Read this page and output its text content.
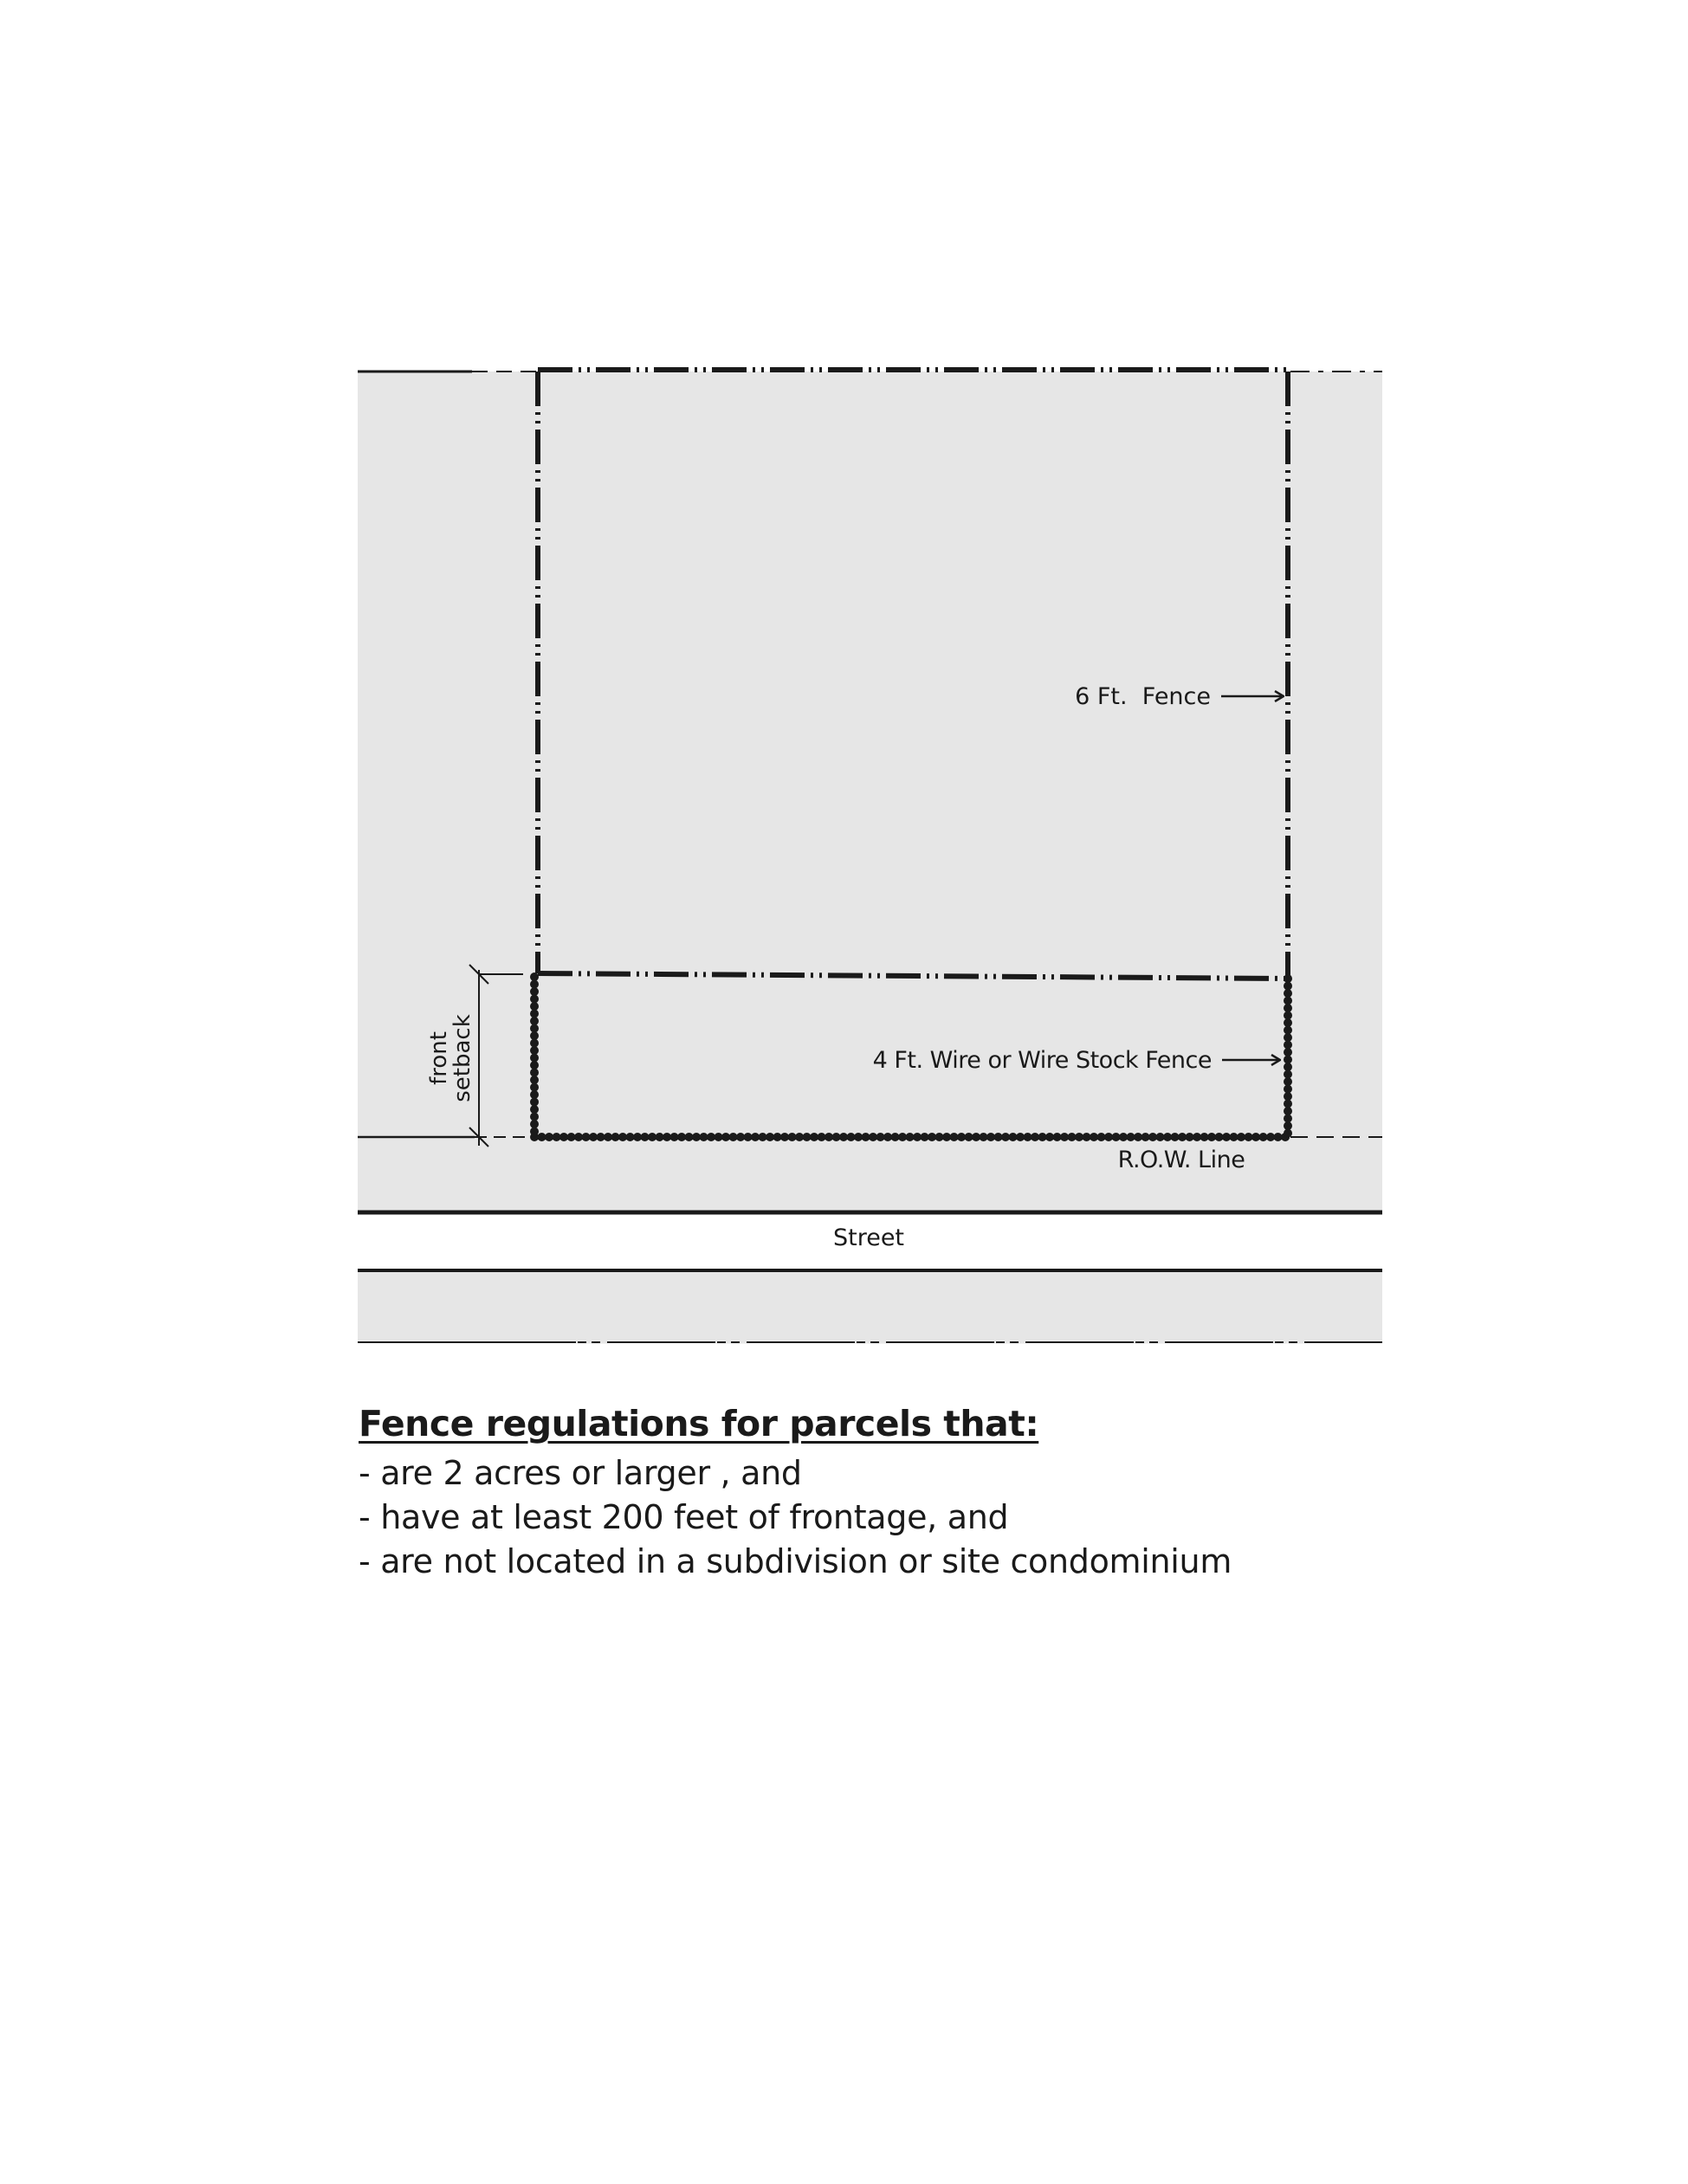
6 Ft.  Fence
4 Ft. Wire or Wire Stock Fence
R.O.W. Line
Street
front
setback
Fence regulations for parcels that:
- are 2 acres or larger , and
- have at least 200 feet of frontage, and
- are not located in a subdivision or site condominium
